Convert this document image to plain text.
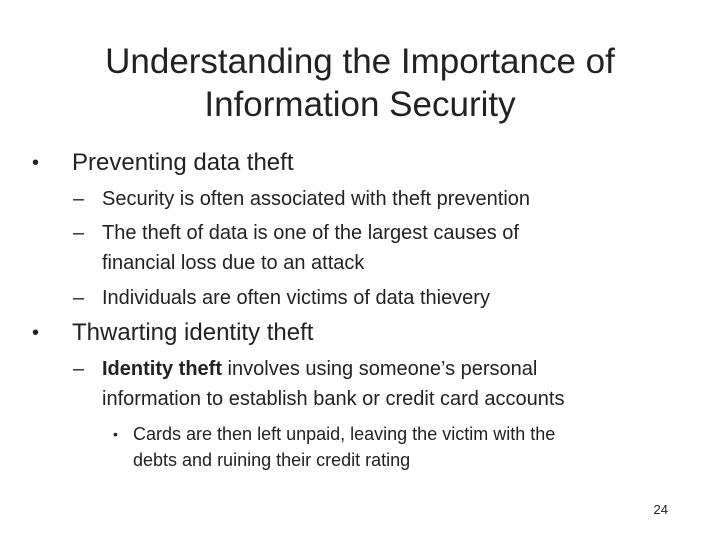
Understanding the Importance of
Information Security
• Preventing data theft
– Security is often associated with theft prevention
– The theft of data is one of the largest causes of
financial loss due to an attack
– Individuals are often victims of data thievery
• Thwarting identity theft
– Identity theft involves using someone’s personal
information to establish bank or credit card accounts
• Cards are then left unpaid, leaving the victim with the
debts and ruining their credit rating
24
